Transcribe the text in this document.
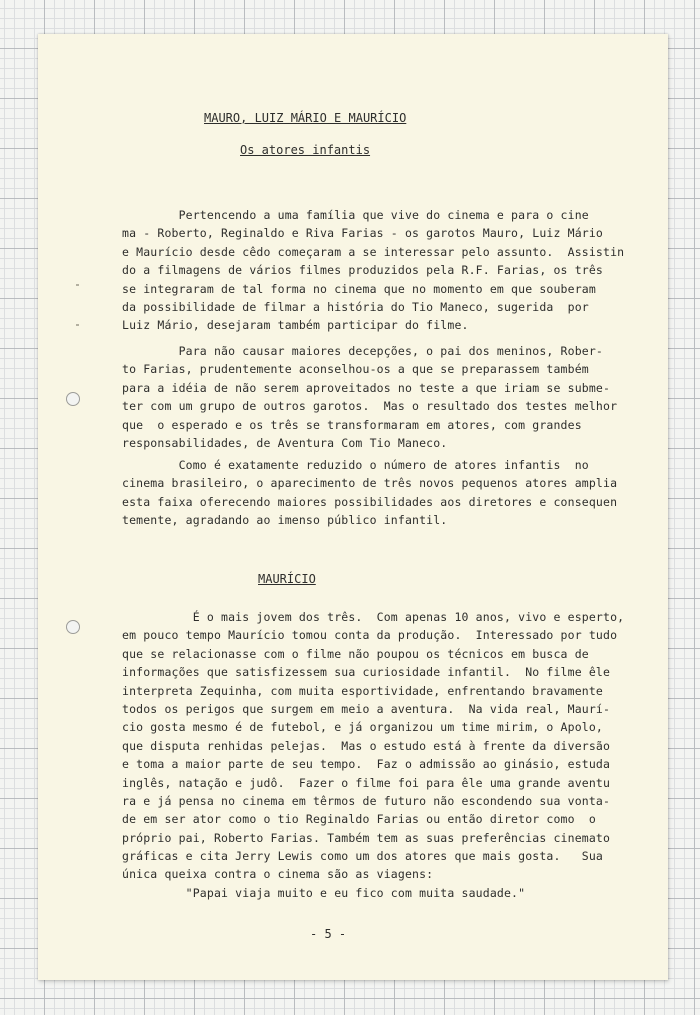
MAURO, LUIZ MÁRIO E MAURÍCIO
Os atores infantis
Pertencendo a uma família que vive do cinema e para o cine
ma - Roberto, Reginaldo e Riva Farias - os garotos Mauro, Luiz Mário
e Maurício desde cêdo começaram a se interessar pelo assunto.  Assistin
do a filmagens de vários filmes produzidos pela R.F. Farias, os três
se integraram de tal forma no cinema que no momento em que souberam
da possibilidade de filmar a história do Tio Maneco, sugerida  por
Luiz Mário, desejaram também participar do filme.
Para não causar maiores decepções, o pai dos meninos, Rober-
to Farias, prudentemente aconselhou-os a que se preparassem também
para a idéia de não serem aproveitados no teste a que iriam se subme-
ter com um grupo de outros garotos.  Mas o resultado dos testes melhor
que  o esperado e os três se transformaram em atores, com grandes
responsabilidades, de Aventura Com Tio Maneco.
Como é exatamente reduzido o número de atores infantis  no
cinema brasileiro, o aparecimento de três novos pequenos atores amplia
esta faixa oferecendo maiores possibilidades aos diretores e consequen
temente, agradando ao imenso público infantil.
MAURÍCIO
É o mais jovem dos três.  Com apenas 10 anos, vivo e esperto,
em pouco tempo Maurício tomou conta da produção.  Interessado por tudo
que se relacionasse com o filme não poupou os técnicos em busca de
informações que satisfizessem sua curiosidade infantil.  No filme êle
interpreta Zequinha, com muita esportividade, enfrentando bravamente
todos os perigos que surgem em meio a aventura.  Na vida real, Maurí-
cio gosta mesmo é de futebol, e já organizou um time mirim, o Apolo,
que disputa renhidas pelejas.  Mas o estudo está à frente da diversão
e toma a maior parte de seu tempo.  Faz o admissão ao ginásio, estuda
inglês, natação e judô.  Fazer o filme foi para êle uma grande aventu
ra e já pensa no cinema em têrmos de futuro não escondendo sua vonta-
de em ser ator como o tio Reginaldo Farias ou então diretor como  o
próprio pai, Roberto Farias. Também tem as suas preferências cinemato
gráficas e cita Jerry Lewis como um dos atores que mais gosta.   Sua
única queixa contra o cinema são as viagens:
"Papai viaja muito e eu fico com muita saudade."
- 5 -
